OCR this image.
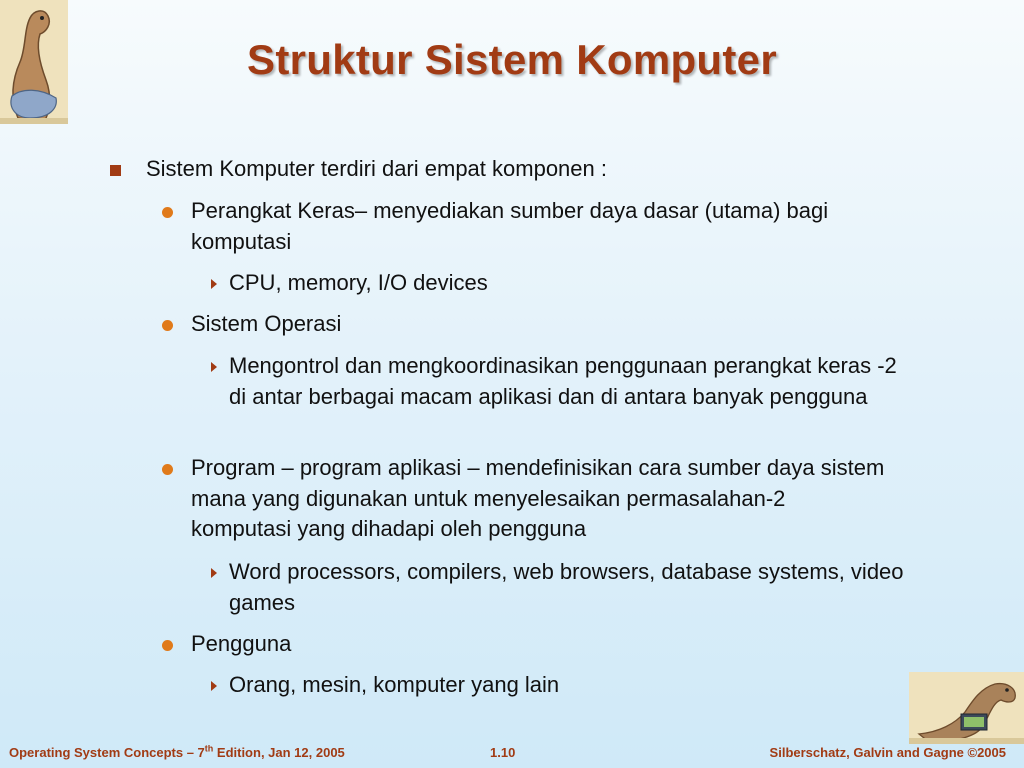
Struktur Sistem Komputer
Sistem Komputer terdiri dari empat komponen :
Perangkat Keras– menyediakan sumber daya dasar (utama) bagi komputasi
CPU, memory, I/O devices
Sistem Operasi
Mengontrol dan mengkoordinasikan penggunaan perangkat keras -2 di antar berbagai macam aplikasi dan di antara banyak pengguna
Program – program aplikasi – mendefinisikan cara sumber daya sistem mana yang digunakan untuk menyelesaikan permasalahan-2 komputasi yang dihadapi oleh pengguna
Word processors, compilers, web browsers, database systems, video games
Pengguna
Orang, mesin, komputer yang lain
Operating System Concepts – 7th Edition, Jan 12, 2005	1.10	Silberschatz, Galvin and Gagne ©2005
